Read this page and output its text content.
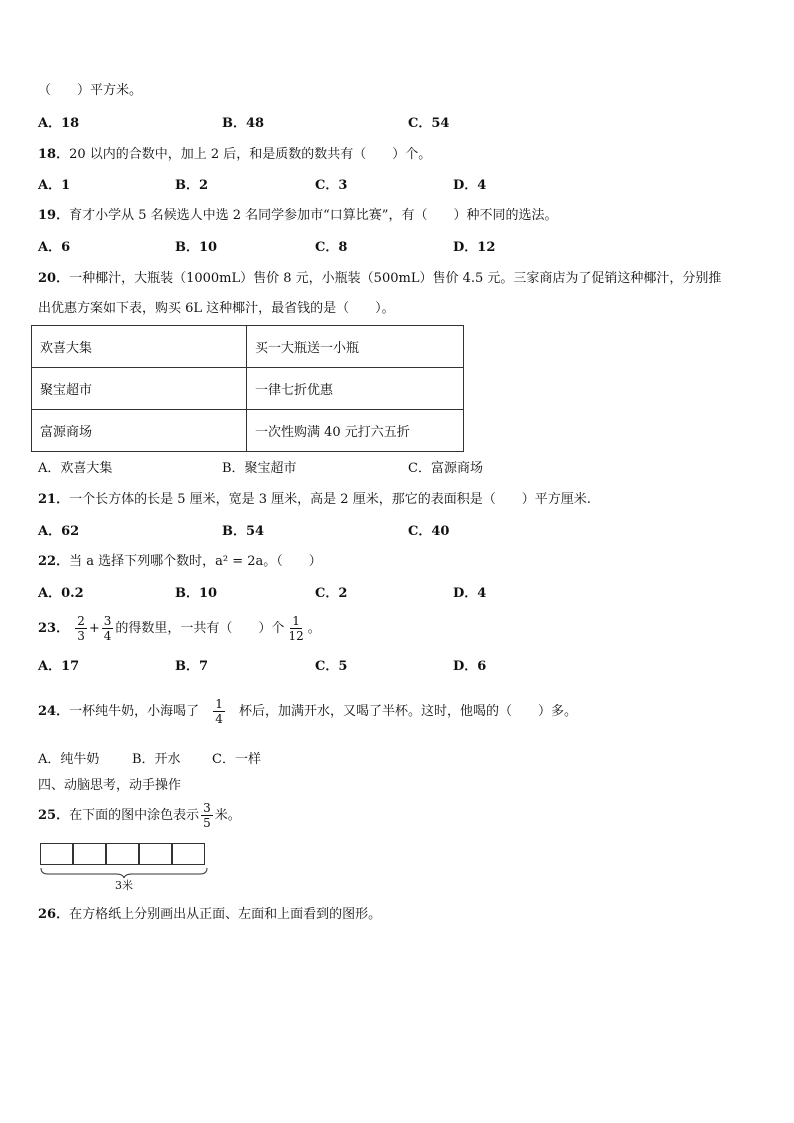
（　　）平方米。
A．18	B．48	C．54
18．20 以内的合数中，加上 2 后，和是质数的数共有（　　）个。
A．1	B．2	C．3	D．4
19．育才小学从 5 名候选人中选 2 名同学参加市“口算比赛”，有（　　）种不同的选法。
A．6	B．10	C．8	D．12
20．一种椰汁，大瓶装（1000mL）售价 8 元，小瓶装（500mL）售价 4.5 元。三家商店为了促销这种椰汁，分别推
出优惠方案如下表，购买 6L 这种椰汁，最省钱的是（　　）。
欢喜大集	买一大瓶送一小瓶
聚宝超市	一律七折优惠
富源商场	一次性购满 40 元打六五折
A．欢喜大集	B．聚宝超市	C．富源商场
21．一个长方体的长是 5 厘米，宽是 3 厘米，高是 2 厘米，那它的表面积是（　　）平方厘米.
A．62	B．54	C．40
22．当 a 选择下列哪个数时，a² = 2a。（　　）
A．0.2	B．10	C．2	D．4
23． $\frac{2}{3} + \frac{3}{4}$ 的得数里，一共有（　　）个 $\frac{1}{12}$ 。
A．17	B．7	C．5	D．6
24．一杯纯牛奶，小海喝了 $\frac{1}{4}$ 杯后，加满开水，又喝了半杯。这时，他喝的（　　）多。
A．纯牛奶	B．开水 C．一样
四、动脑思考，动手操作
25．在下面的图中涂色表示 $\frac{3}{5}$ 米。
3米
26．在方格纸上分别画出从正面、左面和上面看到的图形。
